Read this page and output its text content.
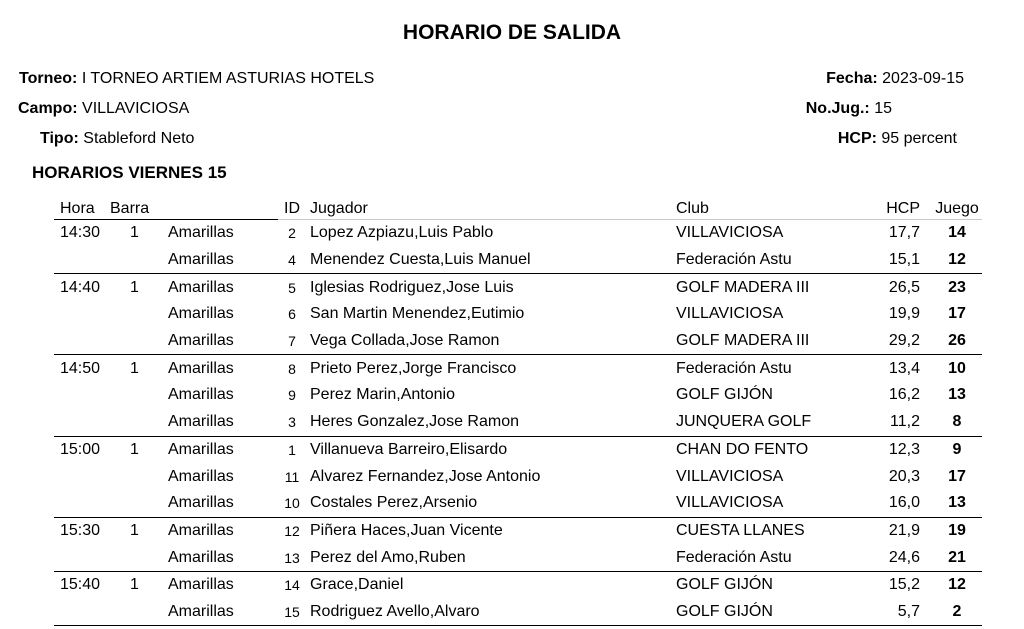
HORARIO DE SALIDA
Torneo: I TORNEO ARTIEM ASTURIAS HOTELS
Campo: VILLAVICIOSA
Tipo: Stableford Neto
Fecha: 2023-09-15
No.Jug.: 15
HCP: 95 percent
HORARIOS VIERNES 15
Hora	Barra		ID	Jugador	Club	HCP	Juego
14:30	1	Amarillas	2	Lopez Azpiazu,Luis Pablo	VILLAVICIOSA	17,7	14
		Amarillas	4	Menendez Cuesta,Luis Manuel	Federación Astu	15,1	12
14:40	1	Amarillas	5	Iglesias Rodriguez,Jose Luis	GOLF MADERA III	26,5	23
		Amarillas	6	San Martin Menendez,Eutimio	VILLAVICIOSA	19,9	17
		Amarillas	7	Vega Collada,Jose Ramon	GOLF MADERA III	29,2	26
14:50	1	Amarillas	8	Prieto Perez,Jorge Francisco	Federación Astu	13,4	10
		Amarillas	9	Perez Marin,Antonio	GOLF GIJÓN	16,2	13
		Amarillas	3	Heres Gonzalez,Jose Ramon	JUNQUERA GOLF	11,2	8
15:00	1	Amarillas	1	Villanueva Barreiro,Elisardo	CHAN DO FENTO	12,3	9
		Amarillas	11	Alvarez Fernandez,Jose Antonio	VILLAVICIOSA	20,3	17
		Amarillas	10	Costales Perez,Arsenio	VILLAVICIOSA	16,0	13
15:30	1	Amarillas	12	Piñera Haces,Juan Vicente	CUESTA LLANES	21,9	19
		Amarillas	13	Perez del Amo,Ruben	Federación Astu	24,6	21
15:40	1	Amarillas	14	Grace,Daniel	GOLF GIJÓN	15,2	12
		Amarillas	15	Rodriguez Avello,Alvaro	GOLF GIJÓN	5,7	2
